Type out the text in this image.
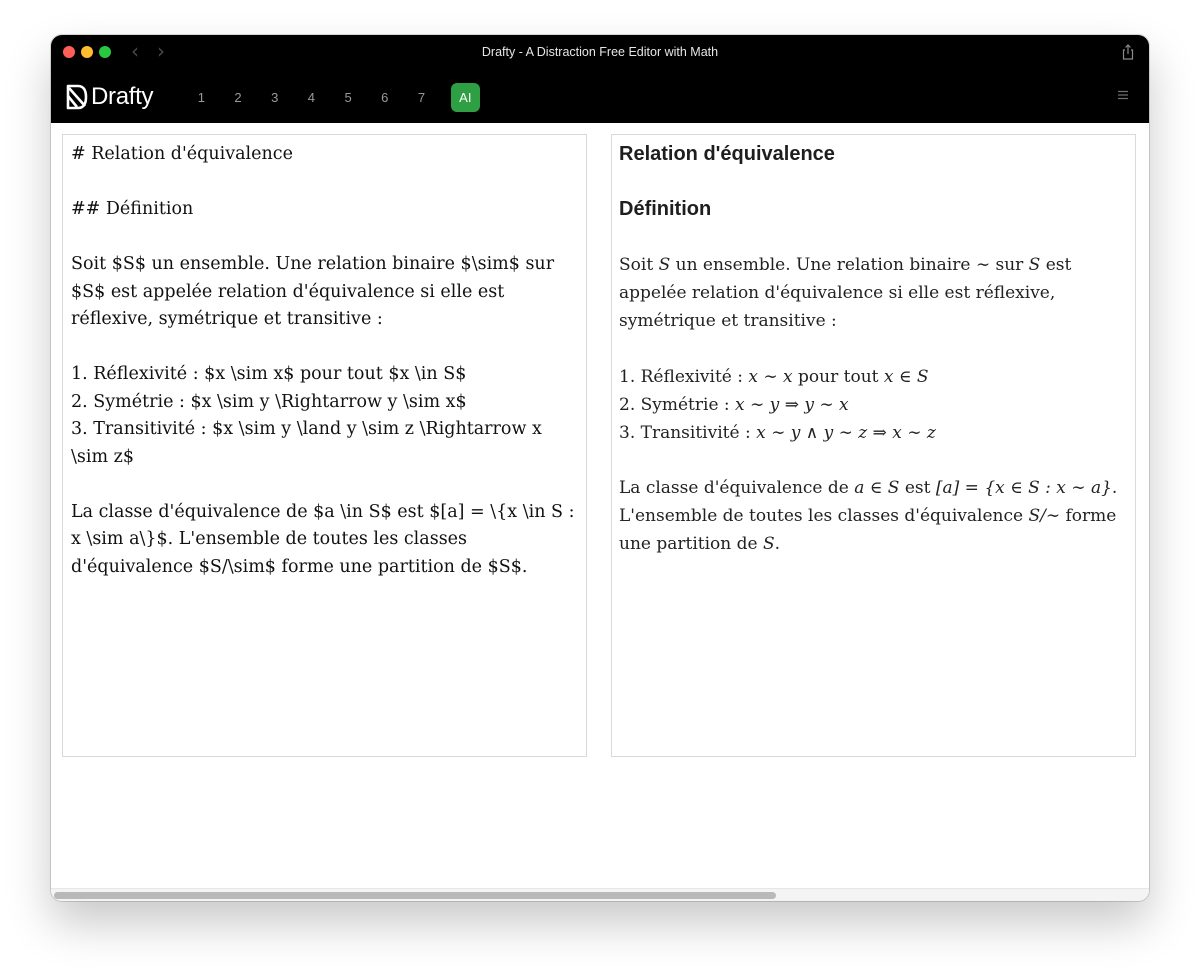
‹ ›	Drafty - A Distraction Free Editor with Math
Drafty	1	2	3	4	5	6	7	AI
# Relation d'équivalence

## Définition

Soit $S$ un ensemble. Une relation binaire $\sim$ sur $S$ est appelée relation d'équivalence si elle est réflexive, symétrique et transitive :

1. Réflexivité : $x \sim x$ pour tout $x \in S$
2. Symétrie : $x \sim y \Rightarrow y \sim x$
3. Transitivité : $x \sim y \land y \sim z \Rightarrow x \sim z$

La classe d'équivalence de $a \in S$ est $[a] = \{x \in S : x \sim a\}$. L'ensemble de toutes les classes d'équivalence $S/\sim$ forme une partition de $S$.
Relation d'équivalence
Définition

Soit S un ensemble. Une relation binaire ∼ sur S est appelée relation d'équivalence si elle est réflexive, symétrique et transitive :

1. Réflexivité : x ∼ x pour tout x ∈ S
2. Symétrie : x ∼ y ⇒ y ∼ x
3. Transitivité : x ∼ y ∧ y ∼ z ⇒ x ∼ z

La classe d'équivalence de a ∈ S est [a] = {x ∈ S : x ∼ a}. L'ensemble de toutes les classes d'équivalence S/∼ forme une partition de S.
